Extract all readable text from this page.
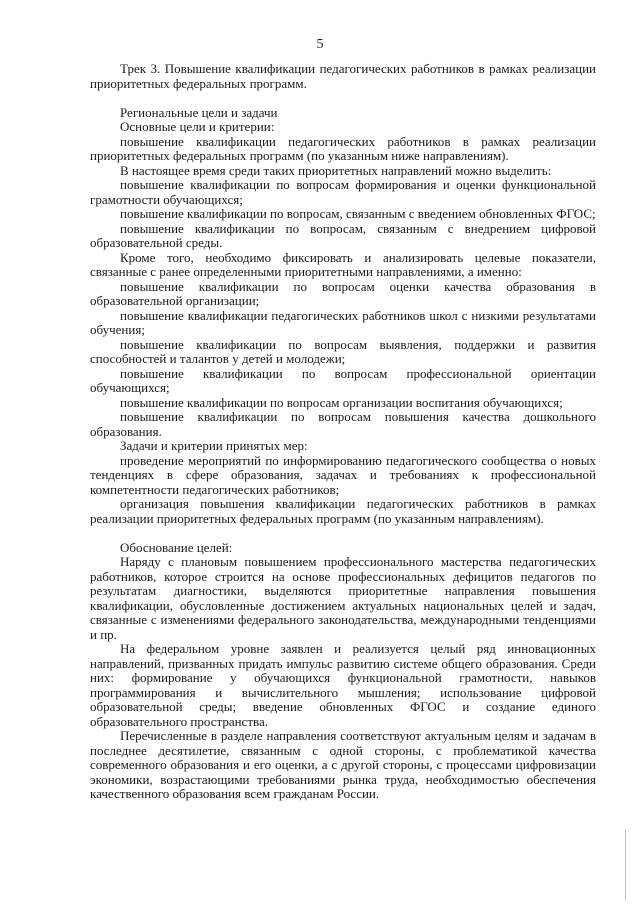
5

Трек 3. Повышение квалификации педагогических работников в рамках реализации приоритетных федеральных программ.

Региональные цели и задачи

Основные цели и критерии:

повышение квалификации педагогических работников в рамках реализации приоритетных федеральных программ (по указанным ниже направлениям).

В настоящее время среди таких приоритетных направлений можно выделить:

повышение квалификации по вопросам формирования и оценки функциональной грамотности обучающихся;

повышение квалификации по вопросам, связанным с введением обновленных ФГОС;

повышение квалификации по вопросам, связанным с внедрением цифровой образовательной среды.

Кроме того, необходимо фиксировать и анализировать целевые показатели, связанные с ранее определенными приоритетными направлениями, а именно:

повышение квалификации по вопросам оценки качества образования в образовательной организации;

повышение квалификации педагогических работников школ с низкими результатами обучения;

повышение квалификации по вопросам выявления, поддержки и развития способностей и талантов у детей и молодежи;

повышение квалификации по вопросам профессиональной ориентации обучающихся;

повышение квалификации по вопросам организации воспитания обучающихся;

повышение квалификации по вопросам повышения качества дошкольного образования.

Задачи и критерии принятых мер:

проведение мероприятий по информированию педагогического сообщества о новых тенденциях в сфере образования, задачах и требованиях к профессиональной компетентности педагогических работников;

организация повышения квалификации педагогических работников в рамках реализации приоритетных федеральных программ (по указанным направлениям).

Обоснование целей:

Наряду с плановым повышением профессионального мастерства педагогических работников, которое строится на основе профессиональных дефицитов педагогов по результатам диагностики, выделяются приоритетные направления повышения квалификации, обусловленные достижением актуальных национальных целей и задач, связанные с изменениями федерального законодательства, международными тенденциями и пр.

На федеральном уровне заявлен и реализуется целый ряд инновационных направлений, призванных придать импульс развитию системе общего образования. Среди них: формирование у обучающихся функциональной грамотности, навыков программирования и вычислительного мышления; использование цифровой образовательной среды; введение обновленных ФГОС и создание единого образовательного пространства.

Перечисленные в разделе направления соответствуют актуальным целям и задачам в последнее десятилетие, связанным с одной стороны, с проблематикой качества современного образования и его оценки, а с другой стороны, с процессами цифровизации экономики, возрастающими требованиями рынка труда, необходимостью обеспечения качественного образования всем гражданам России.
